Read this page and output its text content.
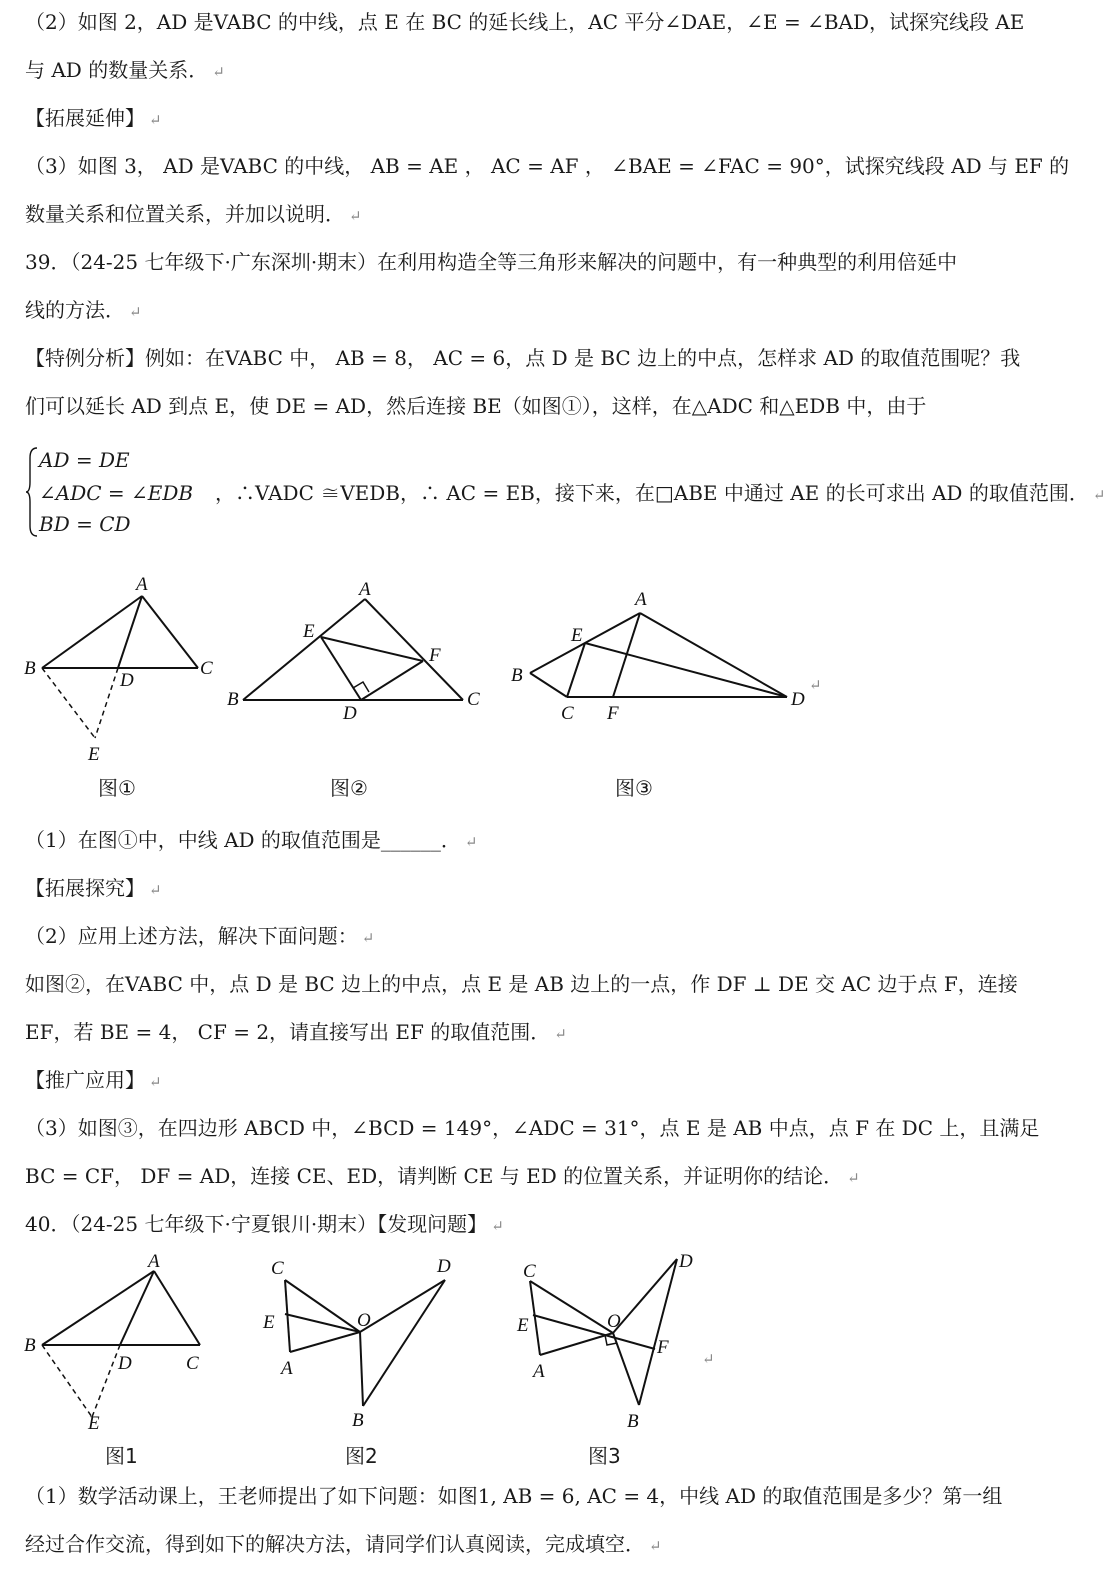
（2）如图 2，AD 是VABC 的中线，点 E 在 BC 的延长线上，AC 平分∠DAE，∠E = ∠BAD，试探究线段 AE
与 AD 的数量关系． ↵
【拓展延伸】 ↵
（3）如图 3， AD 是VABC 的中线， AB = AE ， AC = AF ， ∠BAE = ∠FAC = 90°，试探究线段 AD 与 EF 的
数量关系和位置关系，并加以说明． ↵
39．（24-25 七年级下·广东深圳·期末）在利用构造全等三角形来解决的问题中，有一种典型的利用倍延中
线的方法． ↵
【特例分析】例如：在VABC 中， AB = 8， AC = 6，点 D 是 BC 边上的中点，怎样求 AD 的取值范围呢？我
们可以延长 AD 到点 E，使 DE = AD，然后连接 BE（如图①），这样，在△ADC 和△EDB 中，由于
AD = DE
∠ADC = ∠EDB
BD = CD
，∴VADC ≅VEDB，∴ AC = EB，接下来，在□ABE 中通过 AE 的长可求出 AD 的取值范围． ↵
A
B	C
D
E
图①
A
B	C
D
E
F
图②
A
B
C
D
E
F
↵
图③
（1）在图①中，中线 AD 的取值范围是______． ↵
【拓展探究】 ↵
（2）应用上述方法，解决下面问题： ↵
如图②，在VABC 中，点 D 是 BC 边上的中点，点 E 是 AB 边上的一点，作 DF ⊥ DE 交 AC 边于点 F，连接
EF，若 BE = 4， CF = 2，请直接写出 EF 的取值范围． ↵
【推广应用】 ↵
（3）如图③，在四边形 ABCD 中，∠BCD = 149°，∠ADC = 31°，点 E 是 AB 中点，点 F 在 DC 上，且满足
BC = CF， DF = AD，连接 CE、ED，请判断 CE 与 ED 的位置关系，并证明你的结论． ↵
40．（24-25 七年级下·宁夏银川·期末）【发现问题】 ↵
A
B
C
D
E
图1
C	D
E	O
A
B
图2
C	D
E	O
F
A
B
↵
图3
（1）数学活动课上，王老师提出了如下问题：如图1, AB = 6, AC = 4，中线 AD 的取值范围是多少？第一组
经过合作交流，得到如下的解决方法，请同学们认真阅读，完成填空． ↵
